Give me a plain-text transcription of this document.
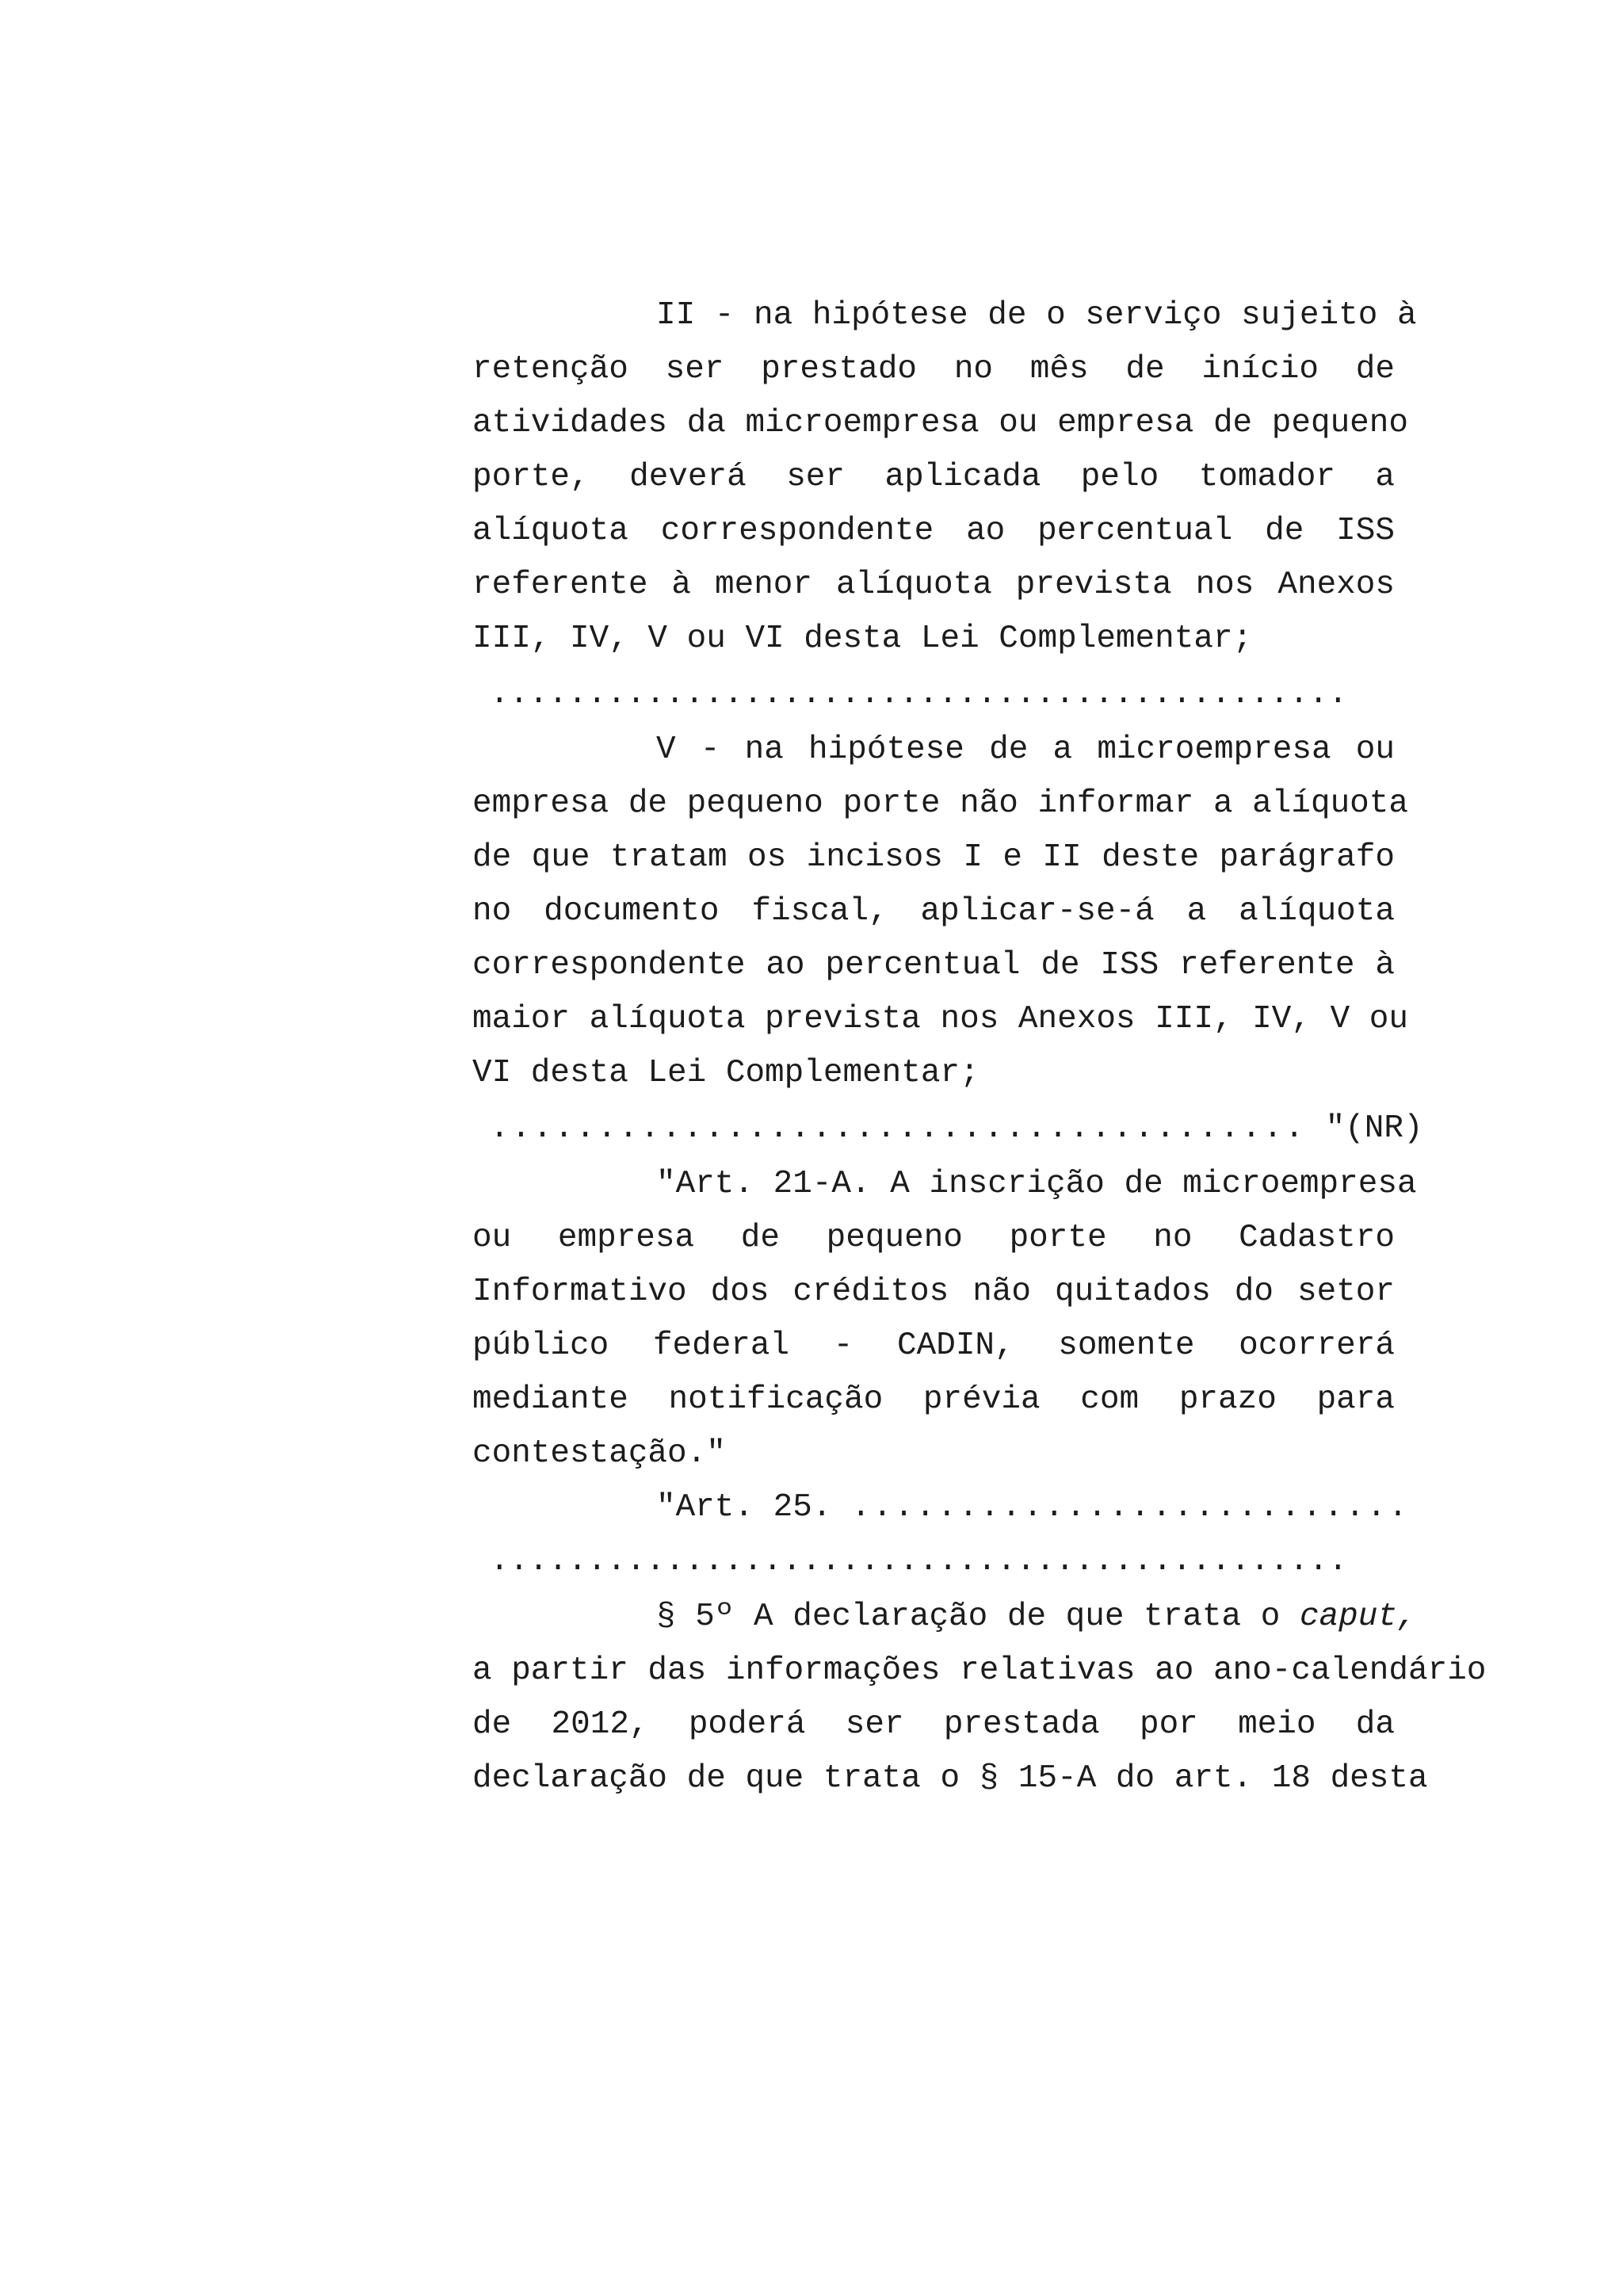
II - na hipótese de o serviço sujeito à
retenção ser prestado no mês de início de
atividades da microempresa ou empresa de pequeno
porte, deverá ser aplicada pelo tomador a
alíquota correspondente ao percentual de ISS
referente à menor alíquota prevista nos Anexos
III, IV, V ou VI desta Lei Complementar;
............................................
V - na hipótese de a microempresa ou
empresa de pequeno porte não informar a alíquota
de que tratam os incisos I e II deste parágrafo
no documento fiscal, aplicar-se-á a alíquota
correspondente ao percentual de ISS referente à
maior alíquota prevista nos Anexos III, IV, V ou
VI desta Lei Complementar;
...................................... "(NR)
"Art. 21-A. A inscrição de microempresa
ou empresa de pequeno porte no Cadastro
Informativo dos créditos não quitados do setor
público federal - CADIN, somente ocorrerá
mediante notificação prévia com prazo para
contestação."
"Art. 25. ..........................
............................................
§ 5º A declaração de que trata o caput,
a partir das informações relativas ao ano-calendário
de 2012, poderá ser prestada por meio da
declaração de que trata o § 15-A do art. 18 desta
